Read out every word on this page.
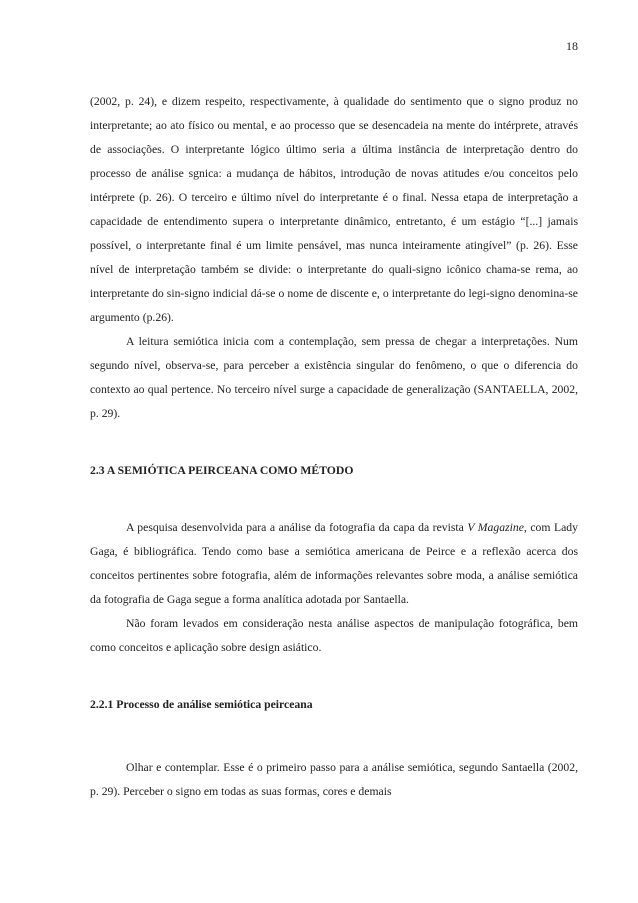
18

(2002, p. 24), e dizem respeito, respectivamente, à qualidade do sentimento que o signo produz no interpretante; ao ato físico ou mental, e ao processo que se desencadeia na mente do intérprete, através de associações. O interpretante lógico último seria a última instância de interpretação dentro do processo de análise sgnica: a mudança de hábitos, introdução de novas atitudes e/ou conceitos pelo intérprete (p. 26). O terceiro e último nível do interpretante é o final. Nessa etapa de interpretação a capacidade de entendimento supera o interpretante dinâmico, entretanto, é um estágio “[...] jamais possível, o interpretante final é um limite pensável, mas nunca inteiramente atingível” (p. 26). Esse nível de interpretação também se divide: o interpretante do quali-signo icônico chama-se rema, ao interpretante do sin-signo indicial dá-se o nome de discente e, o interpretante do legi-signo denomina-se argumento (p.26).

A leitura semiótica inicia com a contemplação, sem pressa de chegar a interpretações. Num segundo nível, observa-se, para perceber a existência singular do fenômeno, o que o diferencia do contexto ao qual pertence. No terceiro nível surge a capacidade de generalização (SANTAELLA, 2002, p. 29).

2.3 A SEMIÓTICA PEIRCEANA COMO MÉTODO

A pesquisa desenvolvida para a análise da fotografia da capa da revista V Magazine, com Lady Gaga, é bibliográfica. Tendo como base a semiótica americana de Peirce e a reflexão acerca dos conceitos pertinentes sobre fotografia, além de informações relevantes sobre moda, a análise semiótica da fotografia de Gaga segue a forma analítica adotada por Santaella.

Não foram levados em consideração nesta análise aspectos de manipulação fotográfica, bem como conceitos e aplicação sobre design asiático.

2.2.1 Processo de análise semiótica peirceana

Olhar e contemplar. Esse é o primeiro passo para a análise semiótica, segundo Santaella (2002, p. 29). Perceber o signo em todas as suas formas, cores e demais
